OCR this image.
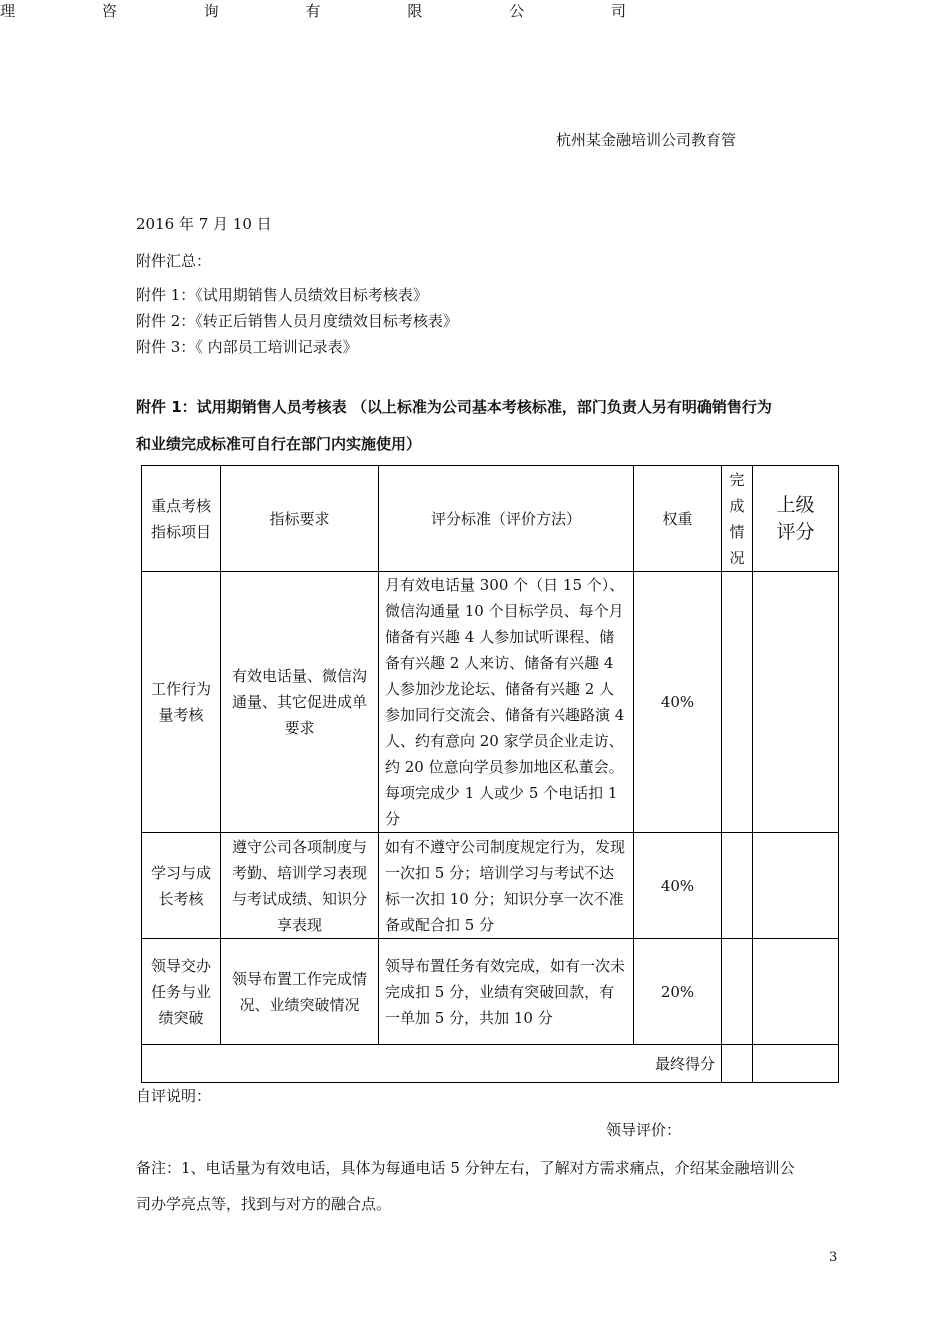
杭州某金融培训公司教育管
理	咨	询	有	限	公	司
2016 年 7 月 10 日
附件汇总：
附件 1：《试用期销售人员绩效目标考核表》
附件 2：《转正后销售人员月度绩效目标考核表》
附件 3：《 内部员工培训记录表》
附件 1：试用期销售人员考核表 （以上标准为公司基本考核标准，部门负责人另有明确销售行为
和业绩完成标准可自行在部门内实施使用）
重点考核指标项目	指标要求	评分标准（评价方法）	权重	完成情况	上级评分
工作行为量考核	有效电话量、微信沟通量、其它促进成单要求	月有效电话量 300 个（日 15 个）、微信沟通量 10 个目标学员、每个月储备有兴趣 4 人参加试听课程、储备有兴趣 2 人来访、储备有兴趣 4 人参加沙龙论坛、储备有兴趣 2 人参加同行交流会、储备有兴趣路演 4 人、约有意向 20 家学员企业走访、约 20 位意向学员参加地区私董会。每项完成少 1 人或少 5 个电话扣 1 分	40%		
学习与成长考核	遵守公司各项制度与考勤、培训学习表现与考试成绩、知识分享表现	如有不遵守公司制度规定行为，发现一次扣 5 分；培训学习与考试不达标一次扣 10 分；知识分享一次不准备或配合扣 5 分	40%		
领导交办任务与业绩突破	领导布置工作完成情况、业绩突破情况	领导布置任务有效完成，如有一次未完成扣 5 分，业绩有突破回款，有一单加 5 分，共加 10 分	20%		
最终得分					
自评说明：
领导评价：
备注：1、电话量为有效电话，具体为每通电话 5 分钟左右，了解对方需求痛点，介绍某金融培训公
司办学亮点等，找到与对方的融合点。
3
